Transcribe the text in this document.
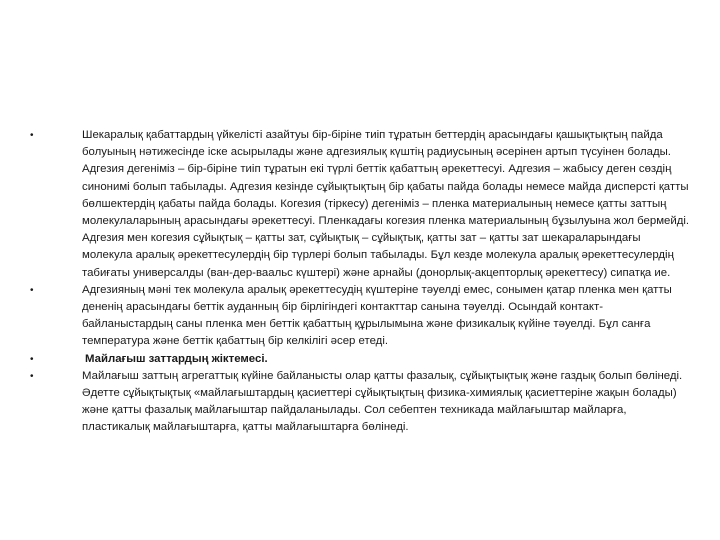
•	Шекаралық қабаттардың үйкелісті азайтуы бір-біріне тиіп тұратын беттердің арасындағы қашықтықтың пайда болуының нәтижесінде іске асырылады және адгезиялық күштің радиусының әсерінен артып түсуінен болады. Адгезия дегеніміз – бір-біріне тиіп тұратын екі түрлі беттік қабаттың әрекеттесуі. Адгезия – жабысу деген сөздің синонимі болып табылады. Адгезия кезінде сұйықтықтың бір қабаты пайда болады немесе майда дисперсті қатты бөлшектердің қабаты пайда болады. Когезия (тіркесу) дегеніміз – пленка материалының немесе қатты заттың молекулаларының арасындағы әрекеттесуі. Пленкадағы когезия пленка материалының бұзылуына жол бермейді. Адгезия мен когезия сұйықтық – қатты зат, сұйықтық – сұйықтық, қатты зат – қатты зат шекараларындағы молекула аралық әрекеттесулердің бір түрлері болып табылады. Бұл кезде молекула аралық әрекеттесулердің табиғаты универсалды (ван-дер-ваальс күштері) және арнайы (донорлық-акцепторлық әрекеттесу) сипатқа ие.
•	Адгезияның мәні тек молекула аралық әрекеттесудің күштеріне тәуелді емес, сонымен қатар пленка мен қатты дененің арасындағы беттік ауданның бір бірлігіндегі контакттар санына тәуелді. Осындай контакт-байланыстардың саны пленка мен беттік қабаттың құрылымына және физикалық күйіне тәуелді. Бұл санға температура және беттік қабаттың бір келкілігі әсер етеді.
•	Майлағыш заттардың жіктемесі.
•	Майлағыш заттың агрегаттық күйіне байланысты олар қатты фазалық, сұйықтықтық және газдық болып бөлінеді. Әдетте сұйықтықтық «майлағыштардың қасиеттері сұйықтықтың физика-химиялық қасиеттеріне жақын болады) және қатты фазалық майлағыштар пайдаланылады. Сол себептен техникада майлағыштар майларға, пластикалық майлағыштарға, қатты майлағыштарға бөлінеді.
